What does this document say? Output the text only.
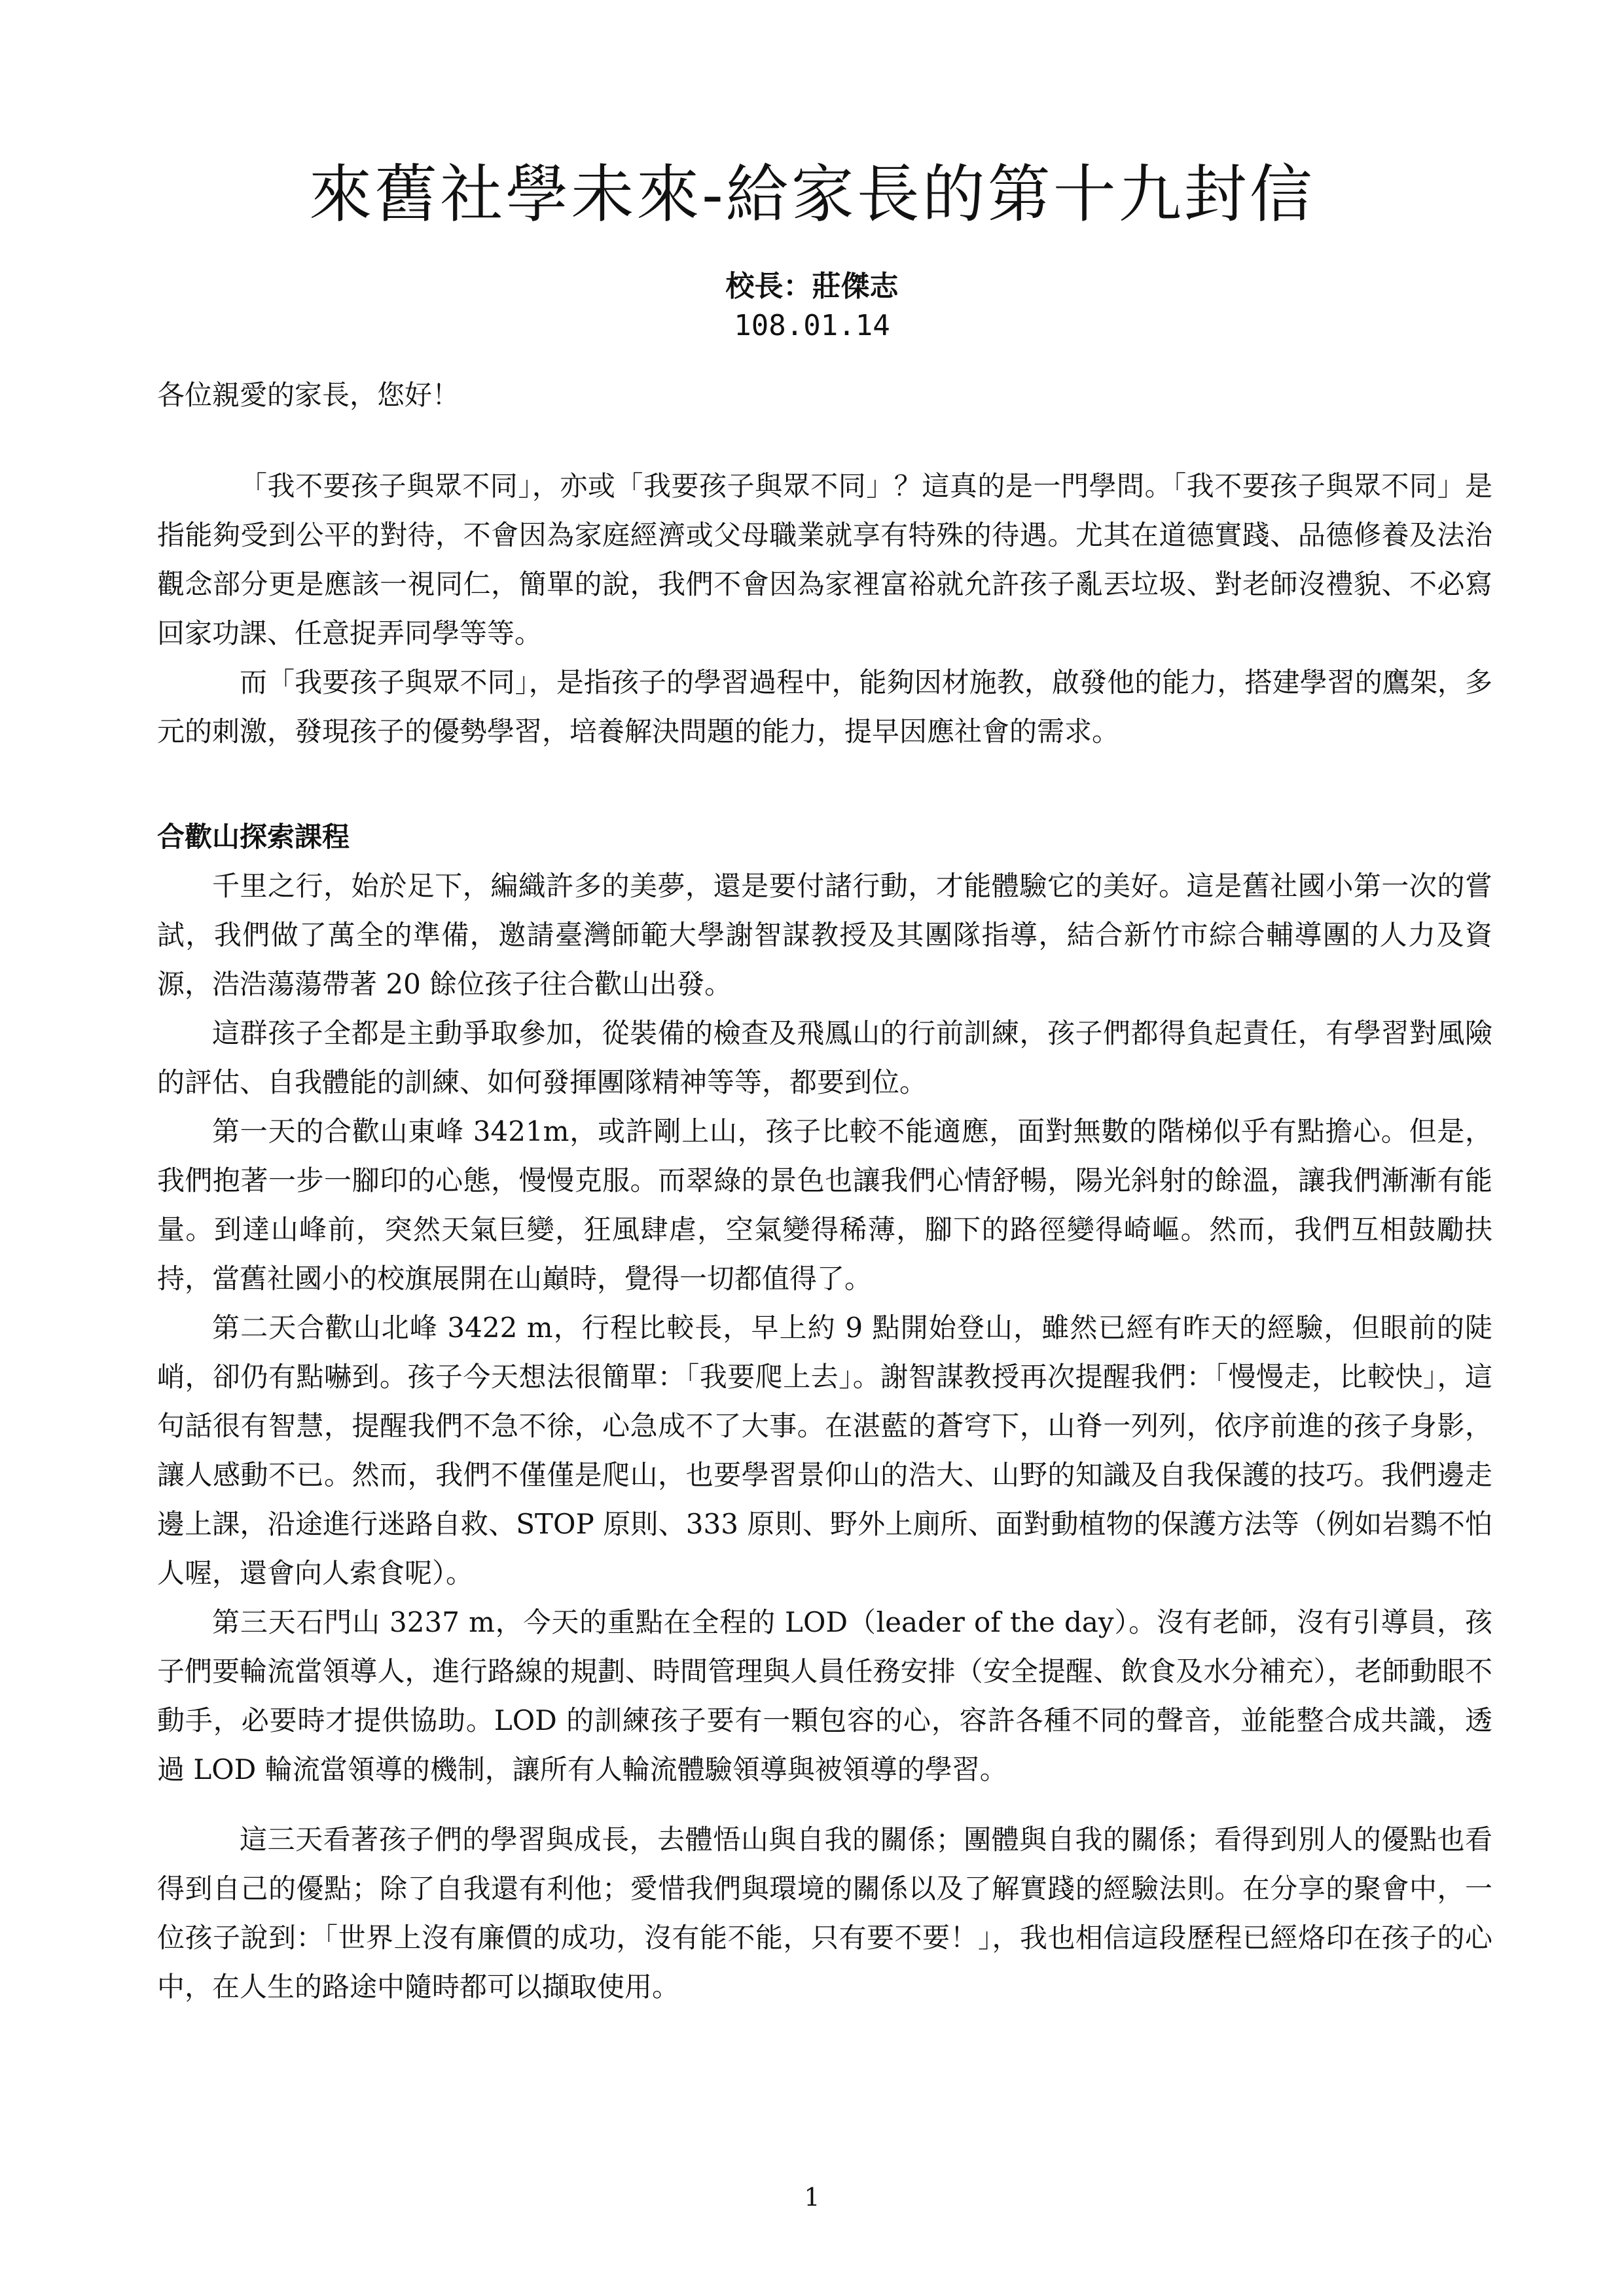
來舊社學未來-給家長的第十九封信
校長：莊傑志
108.01.14

各位親愛的家長，您好！

「我不要孩子與眾不同」，亦或「我要孩子與眾不同」？這真的是一門學問。「我不要孩子與眾不同」是指能夠受到公平的對待，不會因為家庭經濟或父母職業就享有特殊的待遇。尤其在道德實踐、品德修養及法治觀念部分更是應該一視同仁，簡單的說，我們不會因為家裡富裕就允許孩子亂丟垃圾、對老師沒禮貌、不必寫回家功課、任意捉弄同學等等。

而「我要孩子與眾不同」，是指孩子的學習過程中，能夠因材施教，啟發他的能力，搭建學習的鷹架，多元的刺激，發現孩子的優勢學習，培養解決問題的能力，提早因應社會的需求。

合歡山探索課程

千里之行，始於足下，編織許多的美夢，還是要付諸行動，才能體驗它的美好。這是舊社國小第一次的嘗試，我們做了萬全的準備，邀請臺灣師範大學謝智謀教授及其團隊指導，結合新竹市綜合輔導團的人力及資源，浩浩蕩蕩帶著 20 餘位孩子往合歡山出發。

這群孩子全都是主動爭取參加，從裝備的檢查及飛鳳山的行前訓練，孩子們都得負起責任，有學習對風險的評估、自我體能的訓練、如何發揮團隊精神等等，都要到位。

第一天的合歡山東峰 3421m，或許剛上山，孩子比較不能適應，面對無數的階梯似乎有點擔心。但是，我們抱著一步一腳印的心態，慢慢克服。而翠綠的景色也讓我們心情舒暢，陽光斜射的餘溫，讓我們漸漸有能量。到達山峰前，突然天氣巨變，狂風肆虐，空氣變得稀薄，腳下的路徑變得崎嶇。然而，我們互相鼓勵扶持，當舊社國小的校旗展開在山巔時，覺得一切都值得了。

第二天合歡山北峰 3422 m，行程比較長，早上約 9 點開始登山，雖然已經有昨天的經驗，但眼前的陡峭，卻仍有點嚇到。孩子今天想法很簡單：「我要爬上去」。謝智謀教授再次提醒我們：「慢慢走，比較快」，這句話很有智慧，提醒我們不急不徐，心急成不了大事。在湛藍的蒼穹下，山脊一列列，依序前進的孩子身影，讓人感動不已。然而，我們不僅僅是爬山，也要學習景仰山的浩大、山野的知識及自我保護的技巧。我們邊走邊上課，沿途進行迷路自救、STOP 原則、333 原則、野外上廁所、面對動植物的保護方法等（例如岩鷚不怕人喔，還會向人索食呢）。

第三天石門山 3237 m，今天的重點在全程的 LOD（leader of the day）。沒有老師，沒有引導員，孩子們要輪流當領導人，進行路線的規劃、時間管理與人員任務安排（安全提醒、飲食及水分補充），老師動眼不動手，必要時才提供協助。LOD 的訓練孩子要有一顆包容的心，容許各種不同的聲音，並能整合成共識，透過 LOD 輪流當領導的機制，讓所有人輪流體驗領導與被領導的學習。

這三天看著孩子們的學習與成長，去體悟山與自我的關係；團體與自我的關係；看得到別人的優點也看得到自己的優點；除了自我還有利他；愛惜我們與環境的關係以及了解實踐的經驗法則。在分享的聚會中，一位孩子說到：「世界上沒有廉價的成功，沒有能不能，只有要不要！」，我也相信這段歷程已經烙印在孩子的心中，在人生的路途中隨時都可以擷取使用。

1
